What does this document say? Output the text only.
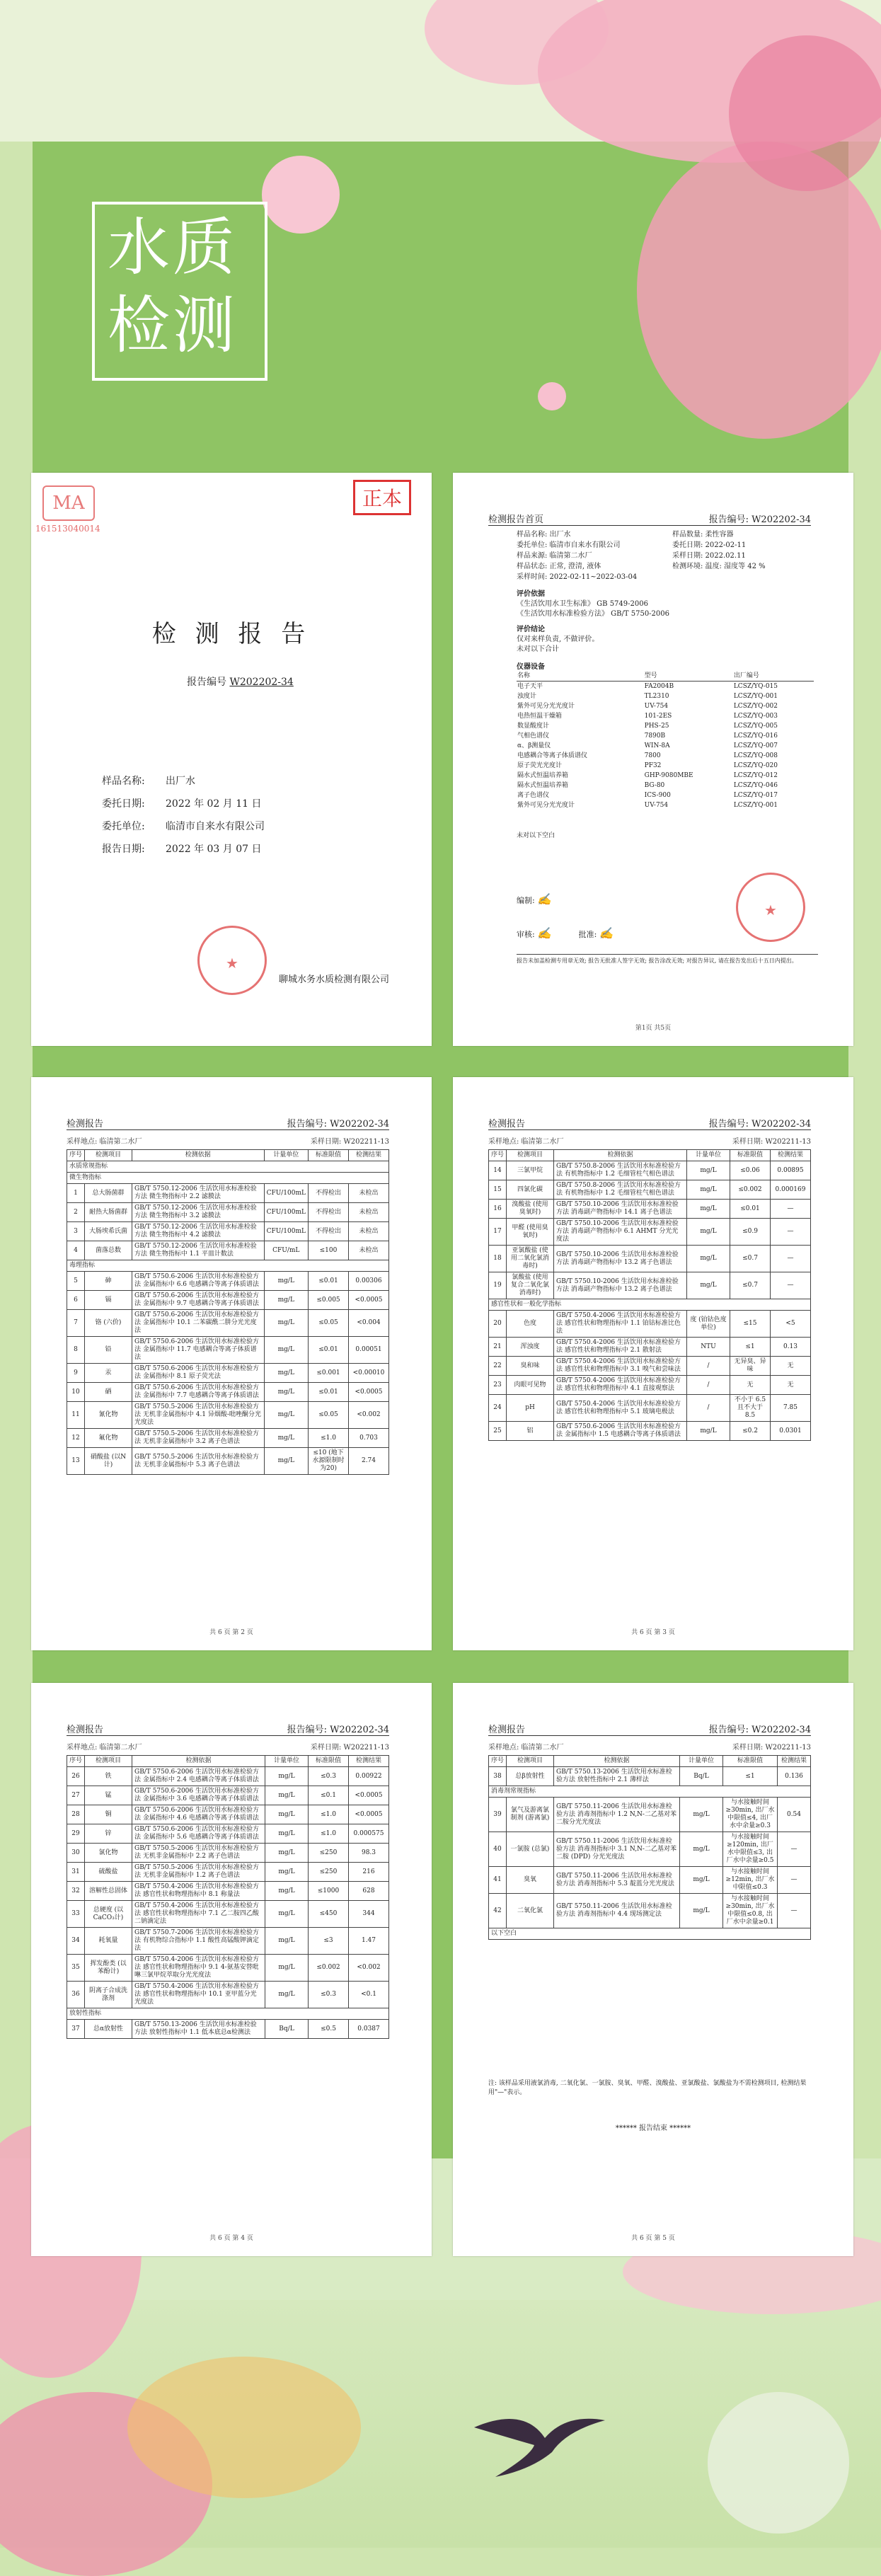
水质
检测
MA
161513040014
正本
检 测 报 告
报告编号 W202202-34
样品名称: 出厂水
委托日期: 2022 年 02 月 11 日
委托单位: 临清市自来水有限公司
报告日期: 2022 年 03 月 07 日
★
聊城水务水质检测有限公司
检测报告首页	报告编号: W202202-34
样品名称: 出厂水
委托单位: 临清市自来水有限公司
样品来源: 临清第二水厂
样品状态: 正常, 澄清, 液体
采样时间: 2022-02-11~2022-03-04
样品数量: 柔性容器
委托日期: 2022-02-11
采样日期: 2022.02.11
检测环境: 温度: 湿度等 42 %
评价依据
《生活饮用水卫生标准》 GB 5749-2006
《生活饮用水标准检验方法》 GB/T 5750-2006
评价结论
仅对来样负责, 不做评价。
未对以下合计
仪器设备
名称	型号	出厂编号
电子天平	FA2004B	LCSZ/YQ-015
浊度计	TL2310	LCSZ/YQ-001
紫外可见分光光度计	UV-754	LCSZ/YQ-002
电热恒温干燥箱	101-2ES	LCSZ/YQ-003
数显酸度计	PHS-25	LCSZ/YQ-005
气相色谱仪	7890B	LCSZ/YQ-016
α、β测量仪	WIN-8A	LCSZ/YQ-007
电感耦合等离子体质谱仪	7800	LCSZ/YQ-008
原子荧光光度计	PF32	LCSZ/YQ-020
隔水式恒温培养箱	GHP-9080MBE	LCSZ/YQ-012
隔水式恒温培养箱	BG-80	LCSZ/YQ-046
离子色谱仪	ICS-900	LCSZ/YQ-017
紫外可见分光光度计	UV-754	LCSZ/YQ-001
未对以下空白
编制: ✍
审核: ✍	批准: ✍
★
报告未加盖检测专用章无效; 报告无批准人签字无效; 报告涂改无效; 对报告异议, 请在报告发出后十五日内提出。
第1页 共5页
检测报告	报告编号: W202202-34
采样地点: 临清第二水厂	采样日期: W202211-13
序号	检测项目	检测依据	计量单位	标准限值	检测结果
水质常规指标					
微生物指标					
1	总大肠菌群	GB/T 5750.12-2006 生活饮用水标准检验方法 微生物指标中 2.2 滤膜法	CFU/100mL	不得检出	未检出
2	耐热大肠菌群	GB/T 5750.12-2006 生活饮用水标准检验方法 微生物指标中 3.2 滤膜法	CFU/100mL	不得检出	未检出
3	大肠埃希氏菌	GB/T 5750.12-2006 生活饮用水标准检验方法 微生物指标中 4.2 滤膜法	CFU/100mL	不得检出	未检出
4	菌落总数	GB/T 5750.12-2006 生活饮用水标准检验方法 微生物指标中 1.1 平皿计数法	CFU/mL	≤100	未检出
毒理指标					
5	砷	GB/T 5750.6-2006 生活饮用水标准检验方法 金属指标中 6.6 电感耦合等离子体质谱法	mg/L	≤0.01	0.00306
6	镉	GB/T 5750.6-2006 生活饮用水标准检验方法 金属指标中 9.7 电感耦合等离子体质谱法	mg/L	≤0.005	<0.0005
7	铬 (六价)	GB/T 5750.6-2006 生活饮用水标准检验方法 金属指标中 10.1 二苯碳酰二肼分光光度法	mg/L	≤0.05	<0.004
8	铅	GB/T 5750.6-2006 生活饮用水标准检验方法 金属指标中 11.7 电感耦合等离子体质谱法	mg/L	≤0.01	0.00051
9	汞	GB/T 5750.6-2006 生活饮用水标准检验方法 金属指标中 8.1 原子荧光法	mg/L	≤0.001	<0.00010
10	硒	GB/T 5750.6-2006 生活饮用水标准检验方法 金属指标中 7.7 电感耦合等离子体质谱法	mg/L	≤0.01	<0.0005
11	氰化物	GB/T 5750.5-2006 生活饮用水标准检验方法 无机非金属指标中 4.1 异烟酸-吡唑酮分光光度法	mg/L	≤0.05	<0.002
12	氟化物	GB/T 5750.5-2006 生活饮用水标准检验方法 无机非金属指标中 3.2 离子色谱法	mg/L	≤1.0	0.703
13	硝酸盐 (以N计)	GB/T 5750.5-2006 生活饮用水标准检验方法 无机非金属指标中 5.3 离子色谱法	mg/L	≤10 (地下水源限制时为20)	2.74
共 6 页 第 2 页
检测报告	报告编号: W202202-34
采样地点: 临清第二水厂	采样日期: W202211-13
序号	检测项目	检测依据	计量单位	标准限值	检测结果
14	三氯甲烷	GB/T 5750.8-2006 生活饮用水标准检验方法 有机物指标中 1.2 毛细管柱气相色谱法	mg/L	≤0.06	0.00895
15	四氯化碳	GB/T 5750.8-2006 生活饮用水标准检验方法 有机物指标中 1.2 毛细管柱气相色谱法	mg/L	≤0.002	0.000169
16	溴酸盐 (使用臭氧时)	GB/T 5750.10-2006 生活饮用水标准检验方法 消毒副产物指标中 14.1 离子色谱法	mg/L	≤0.01	—
17	甲醛 (使用臭氧时)	GB/T 5750.10-2006 生活饮用水标准检验方法 消毒副产物指标中 6.1 AHMT 分光光度法	mg/L	≤0.9	—
18	亚氯酸盐 (使用二氧化氯消毒时)	GB/T 5750.10-2006 生活饮用水标准检验方法 消毒副产物指标中 13.2 离子色谱法	mg/L	≤0.7	—
19	氯酸盐 (使用复合二氧化氯消毒时)	GB/T 5750.10-2006 生活饮用水标准检验方法 消毒副产物指标中 13.2 离子色谱法	mg/L	≤0.7	—
感官性状和一般化学指标					
20	色度	GB/T 5750.4-2006 生活饮用水标准检验方法 感官性状和物理指标中 1.1 铂钴标准比色法	度 (铂钴色度单位)	≤15	<5
21	浑浊度	GB/T 5750.4-2006 生活饮用水标准检验方法 感官性状和物理指标中 2.1 散射法	NTU	≤1	0.13
22	臭和味	GB/T 5750.4-2006 生活饮用水标准检验方法 感官性状和物理指标中 3.1 嗅气和尝味法	/	无异臭、异味	无
23	肉眼可见物	GB/T 5750.4-2006 生活饮用水标准检验方法 感官性状和物理指标中 4.1 直接观察法	/	无	无
24	pH	GB/T 5750.4-2006 生活饮用水标准检验方法 感官性状和物理指标中 5.1 玻璃电极法	/	不小于 6.5 且不大于 8.5	7.85
25	铝	GB/T 5750.6-2006 生活饮用水标准检验方法 金属指标中 1.5 电感耦合等离子体质谱法	mg/L	≤0.2	0.0301
共 6 页 第 3 页
检测报告	报告编号: W202202-34
采样地点: 临清第二水厂	采样日期: W202211-13
序号	检测项目	检测依据	计量单位	标准限值	检测结果
26	铁	GB/T 5750.6-2006 生活饮用水标准检验方法 金属指标中 2.4 电感耦合等离子体质谱法	mg/L	≤0.3	0.00922
27	锰	GB/T 5750.6-2006 生活饮用水标准检验方法 金属指标中 3.6 电感耦合等离子体质谱法	mg/L	≤0.1	<0.0005
28	铜	GB/T 5750.6-2006 生活饮用水标准检验方法 金属指标中 4.6 电感耦合等离子体质谱法	mg/L	≤1.0	<0.0005
29	锌	GB/T 5750.6-2006 生活饮用水标准检验方法 金属指标中 5.6 电感耦合等离子体质谱法	mg/L	≤1.0	0.000575
30	氯化物	GB/T 5750.5-2006 生活饮用水标准检验方法 无机非金属指标中 2.2 离子色谱法	mg/L	≤250	98.3
31	硫酸盐	GB/T 5750.5-2006 生活饮用水标准检验方法 无机非金属指标中 1.2 离子色谱法	mg/L	≤250	216
32	溶解性总固体	GB/T 5750.4-2006 生活饮用水标准检验方法 感官性状和物理指标中 8.1 称量法	mg/L	≤1000	628
33	总硬度 (以CaCO₃计)	GB/T 5750.4-2006 生活饮用水标准检验方法 感官性状和物理指标中 7.1 乙二胺四乙酸二钠滴定法	mg/L	≤450	344
34	耗氧量	GB/T 5750.7-2006 生活饮用水标准检验方法 有机物综合指标中 1.1 酸性高锰酸钾滴定法	mg/L	≤3	1.47
35	挥发酚类 (以苯酚计)	GB/T 5750.4-2006 生活饮用水标准检验方法 感官性状和物理指标中 9.1 4-氨基安替吡啉三氯甲烷萃取分光光度法	mg/L	≤0.002	<0.002
36	阴离子合成洗涤剂	GB/T 5750.4-2006 生活饮用水标准检验方法 感官性状和物理指标中 10.1 亚甲蓝分光光度法	mg/L	≤0.3	<0.1
放射性指标					
37	总α放射性	GB/T 5750.13-2006 生活饮用水标准检验方法 放射性指标中 1.1 低本底总α检测法	Bq/L	≤0.5	0.0387
共 6 页 第 4 页
检测报告	报告编号: W202202-34
采样地点: 临清第二水厂	采样日期: W202211-13
序号	检测项目	检测依据	计量单位	标准限值	检测结果
38	总β放射性	GB/T 5750.13-2006 生活饮用水标准检验方法 放射性指标中 2.1 薄样法	Bq/L	≤1	0.136
消毒剂常规指标					
39	氯气及游离氯制剂 (游离氯)	GB/T 5750.11-2006 生活饮用水标准检验方法 消毒剂指标中 1.2 N,N-二乙基对苯二胺分光光度法	mg/L	与水接触时间≥30min, 出厂水中限值≤4, 出厂水中余量≥0.3	0.54
40	一氯胺 (总氯)	GB/T 5750.11-2006 生活饮用水标准检验方法 消毒剂指标中 3.1 N,N-二乙基对苯二胺 (DPD) 分光光度法	mg/L	与水接触时间≥120min, 出厂水中限值≤3, 出厂水中余量≥0.5	—
41	臭氧	GB/T 5750.11-2006 生活饮用水标准检验方法 消毒剂指标中 5.3 靛蓝分光光度法	mg/L	与水接触时间≥12min, 出厂水中限值≤0.3	—
42	二氧化氯	GB/T 5750.11-2006 生活饮用水标准检验方法 消毒剂指标中 4.4 现场测定法	mg/L	与水接触时间≥30min, 出厂水中限值≤0.8, 出厂水中余量≥0.1	—
以下空白					
注: 该样品采用液氯消毒, 二氧化氯、一氯胺、臭氧、甲醛、溴酸盐、亚氯酸盐、氯酸盐为不需检测项目, 检测结果用"—"表示。
****** 报告结束 ******
共 6 页 第 5 页
